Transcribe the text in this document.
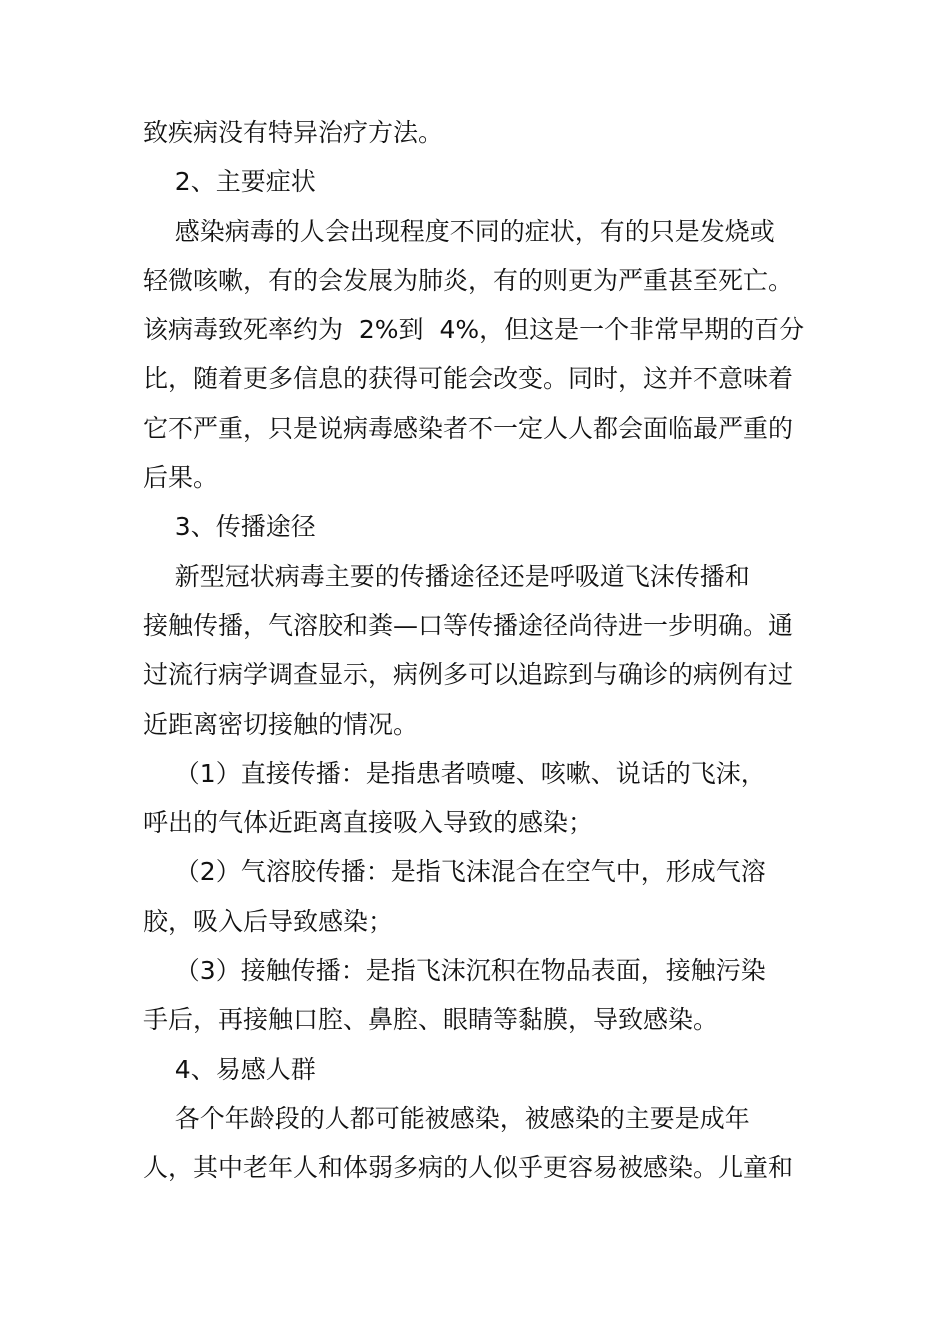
致疾病没有特异治疗方法。

2、主要症状

感染病毒的人会出现程度不同的症状，有的只是发烧或

轻微咳嗽，有的会发展为肺炎，有的则更为严重甚至死亡。

该病毒致死率约为  2%到  4%，但这是一个非常早期的百分

比，随着更多信息的获得可能会改变。同时，这并不意味着

它不严重，只是说病毒感染者不一定人人都会面临最严重的

后果。

3、传播途径

新型冠状病毒主要的传播途径还是呼吸道飞沫传播和

接触传播，气溶胶和粪—口等传播途径尚待进一步明确。通

过流行病学调查显示，病例多可以追踪到与确诊的病例有过

近距离密切接触的情况。

（1）直接传播：是指患者喷嚏、咳嗽、说话的飞沫，

呼出的气体近距离直接吸入导致的感染；

（2）气溶胶传播：是指飞沫混合在空气中，形成气溶

胶，吸入后导致感染；

（3）接触传播：是指飞沫沉积在物品表面，接触污染

手后，再接触口腔、鼻腔、眼睛等黏膜，导致感染。

4、易感人群

各个年龄段的人都可能被感染，被感染的主要是成年

人，其中老年人和体弱多病的人似乎更容易被感染。儿童和
